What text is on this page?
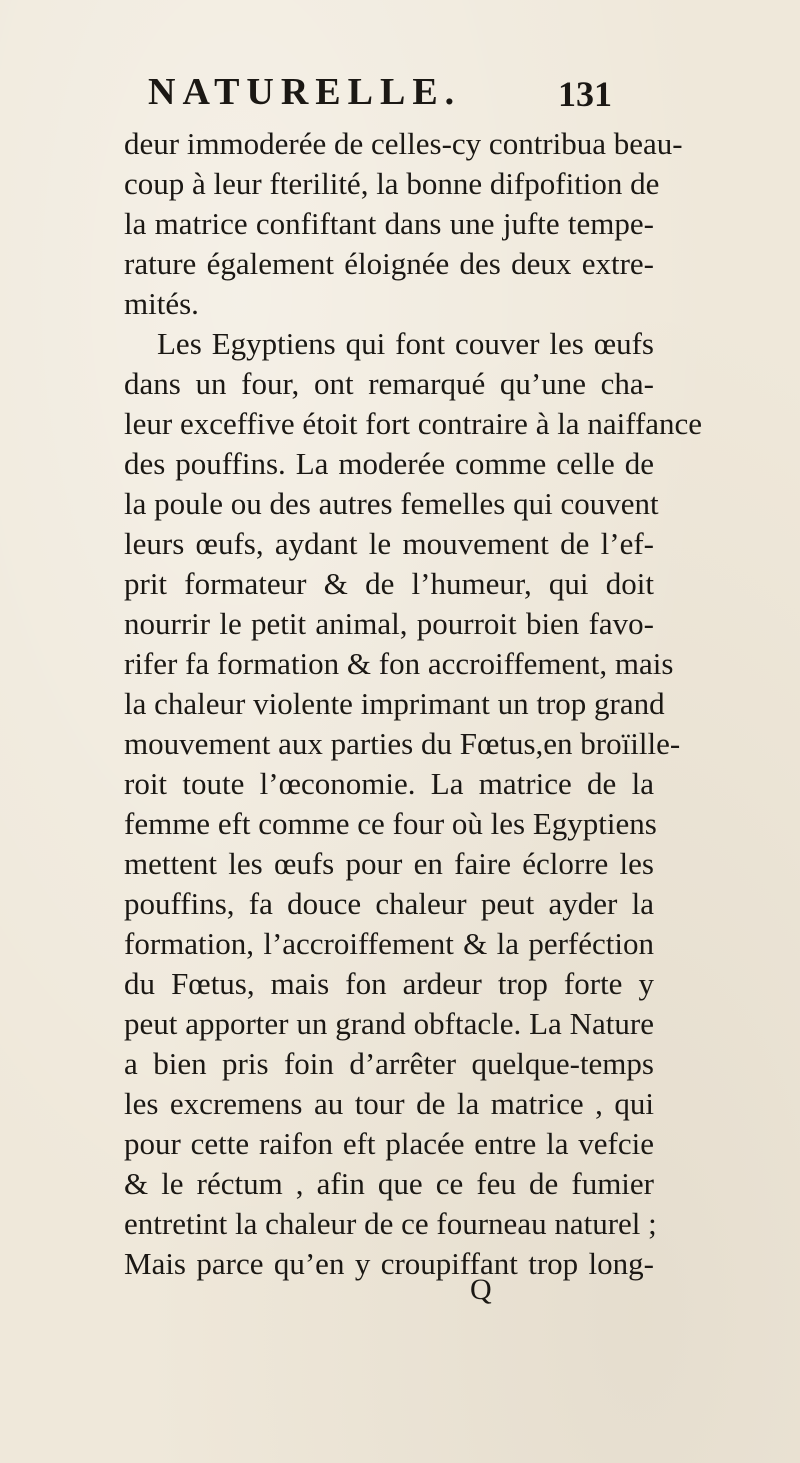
NATURELLE.	131
deur immoderée de celles-cy contribua beau-
coup à leur fterilité, la bonne difpofition de
la matrice confiftant dans une jufte tempe-
rature également éloignée des deux extre-
mités.
Les Egyptiens qui font couver les œufs
dans un four, ont remarqué qu’une cha-
leur exceffive étoit fort contraire à la naiffance
des pouffins. La moderée comme celle de
la poule ou des autres femelles qui couvent
leurs œufs, aydant le mouvement de l’ef-
prit formateur & de l’humeur, qui doit
nourrir le petit animal, pourroit bien favo-
rifer fa formation & fon accroiffement, mais
la chaleur violente imprimant un trop grand
mouvement aux parties du Fœtus,en broïille-
roit toute l’œconomie. La matrice de la
femme eft comme ce four où les Egyptiens
mettent les œufs pour en faire éclorre les
pouffins, fa douce chaleur peut ayder la
formation, l’accroiffement & la perféction
du Fœtus, mais fon ardeur trop forte y
peut apporter un grand obftacle. La Nature
a bien pris foin d’arrêter quelque-temps
les excremens au tour de la matrice , qui
pour cette raifon eft placée entre la vefcie
& le réctum , afin que ce feu de fumier
entretint la chaleur de ce fourneau naturel ;
Mais parce qu’en y croupiffant trop long-
Q
